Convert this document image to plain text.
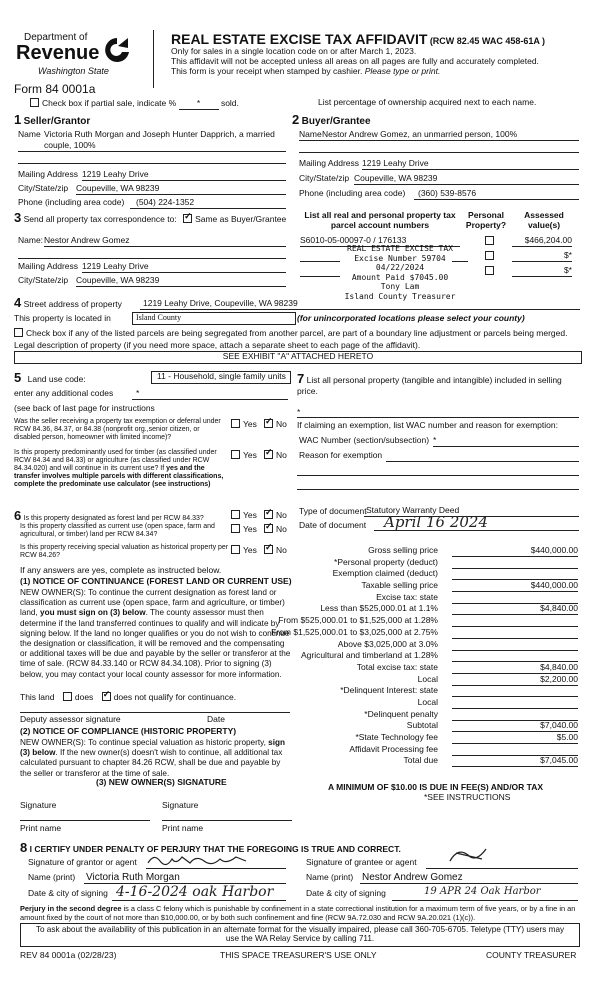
Department of
Revenue
Washington State
Form 84 0001a
REAL ESTATE EXCISE TAX AFFIDAVIT (RCW 82.45 WAC 458-61A )
Only for sales in a single location code on or after March 1, 2023.
This affidavit will not be accepted unless all areas on all pages are fully and accurately completed.
This form is your receipt when stamped by cashier. Please type or print.
Check box if partial sale, indicate % * sold.	List percentage of ownership acquired next to each name.
1 Seller/Grantor
Name Victoria Ruth Morgan and Joseph Hunter Dapprich, a married
couple, 100%
Mailing Address 1219 Leahy Drive
City/State/zip Coupeville, WA 98239
Phone (including area code) (504) 224-1352
2 Buyer/Grantee
Name Nestor Andrew Gomez, an unmarried person, 100%
Mailing Address 1219 Leahy Drive
City/State/zip Coupeville, WA 98239
Phone (including area code) (360) 539-8576
3 Send all property tax correspondence to: ✓ Same as Buyer/Grantee
Name: Nestor Andrew Gomez
Mailing Address 1219 Leahy Drive
City/State/zip Coupeville, WA 98239
List all real and personal property tax parcel account numbers
Personal Property?
Assessed value(s)
S6010-05-00097-0 / 176133	$466,204.00
$*
$*
REAL ESTATE EXCISE TAX
Excise Number 59704
04/22/2024
Amount Paid $7045.00
Tony Lam
Island County Treasurer
4 Street address of property 1219 Leahy Drive, Coupeville, WA 98239
This property is located in	Island County	(for unincorporated locations please select your county)
Check box if any of the listed parcels are being segregated from another parcel, are part of a boundary line adjustment or parcels being merged.
Legal description of property (if you need more space, attach a separate sheet to each page of the affidavit).
SEE EXHIBIT "A" ATTACHED HERETO
5 Land use code:	11 - Household, single family units
enter any additional codes	*
(see back of last page for instructions
Was the seller receiving a property tax exemption or deferral under RCW 84.36, 84.37, or 84.38 (nonprofit org.,senior citizen, or disabled person, homeowner with limited income)?
Yes ✓	No
Is this property predominantly used for timber (as classified under RCW 84.34 and 84.33) or agriculture (as classified under RCW 84.34.020) and will continue in its current use? If yes and the transfer involves multiple parcels with different classifications, complete the predominate use calculator (see instructions)
Yes ✓	No
6 Is this property designated as forest land per RCW 84.33?	Yes ✓	No
Is this property classified as current use (open space, farm and agricultural, or timber) land per RCW 84.34?
Yes ✓	No
Is this property receiving special valuation as historical property per RCW 84.26?
Yes ✓	No
If any answers are yes, complete as instructed below.
(1) NOTICE OF CONTINUANCE (FOREST LAND OR CURRENT USE)
NEW OWNER(S): To continue the current designation as forest land or classification as current use (open space, farm and agriculture, or timber) land, you must sign on (3) below. The county assessor must then determine if the land transferred continues to qualify and will indicate by signing below. If the land no longer qualifies or you do not wish to continue the designation or classification, it will be removed and the compensating or additional taxes will be due and payable by the seller or transferor at the time of sale. (RCW 84.33.140 or RCW 84.34.108). Prior to signing (3) below, you may contact your local county assessor for more information.
This land does ✓ does not qualify for continuance.
Deputy assessor signature	Date
(2) NOTICE OF COMPLIANCE (HISTORIC PROPERTY)
NEW OWNER(S): To continue special valuation as historic property, sign (3) below. If the new owner(s) doesn't wish to continue, all additional tax calculated pursuant to chapter 84.26 RCW, shall be due and payable by the seller or transferor at the time of sale.
(3) NEW OWNER(S) SIGNATURE
Signature	Signature
Print name	Print name
7 List all personal property (tangible and intangible) included in selling price.
*
If claiming an exemption, list WAC number and reason for exemption:
WAC Number (section/subsection) *
Reason for exemption
Type of document Statutory Warranty Deed
Date of document April 16 2024
Gross selling price	$440,000.00
*Personal property (deduct)
Exemption claimed (deduct)
Taxable selling price	$440,000.00
Excise tax: state
Less than $525,000.01 at 1.1%	$4,840.00
From $525,000.01 to $1,525,000 at 1.28%
From $1,525,000.01 to $3,025,000 at 2.75%
Above $3,025,000 at 3.0%
Agricultural and timberland at 1.28%
Total excise tax: state	$4,840.00
Local	$2,200.00
*Delinquent Interest: state
Local
*Delinquent penalty
Subtotal	$7,040.00
*State Technology fee	$5.00
Affidavit Processing fee
Total due	$7,045.00
A MINIMUM OF $10.00 IS DUE IN FEE(S) AND/OR TAX
*SEE INSTRUCTIONS
8 I CERTIFY UNDER PENALTY OF PERJURY THAT THE FOREGOING IS TRUE AND CORRECT.
Signature of grantor or agent	Signature of grantee or agent
Name (print) Victoria Ruth Morgan	Name (print) Nestor Andrew Gomez
Date & city of signing 4-16-2024 oak Harbor	Date & city of signing	19 APR 24 Oak Harbor
Perjury in the second degree is a class C felony which is punishable by confinement in a state correctional institution for a maximum term of five years, or by a fine in an amount fixed by the court of not more than $10,000.00, or by both such confinement and fine (RCW 9A.72.030 and RCW 9A.20.021 (1)(c)).
To ask about the availability of this publication in an alternate format for the visually impaired, please call 360-705-6705. Teletype (TTY) users may use the WA Relay Service by calling 711.
REV 84 0001a (02/28/23)	THIS SPACE TREASURER'S USE ONLY	COUNTY TREASURER
